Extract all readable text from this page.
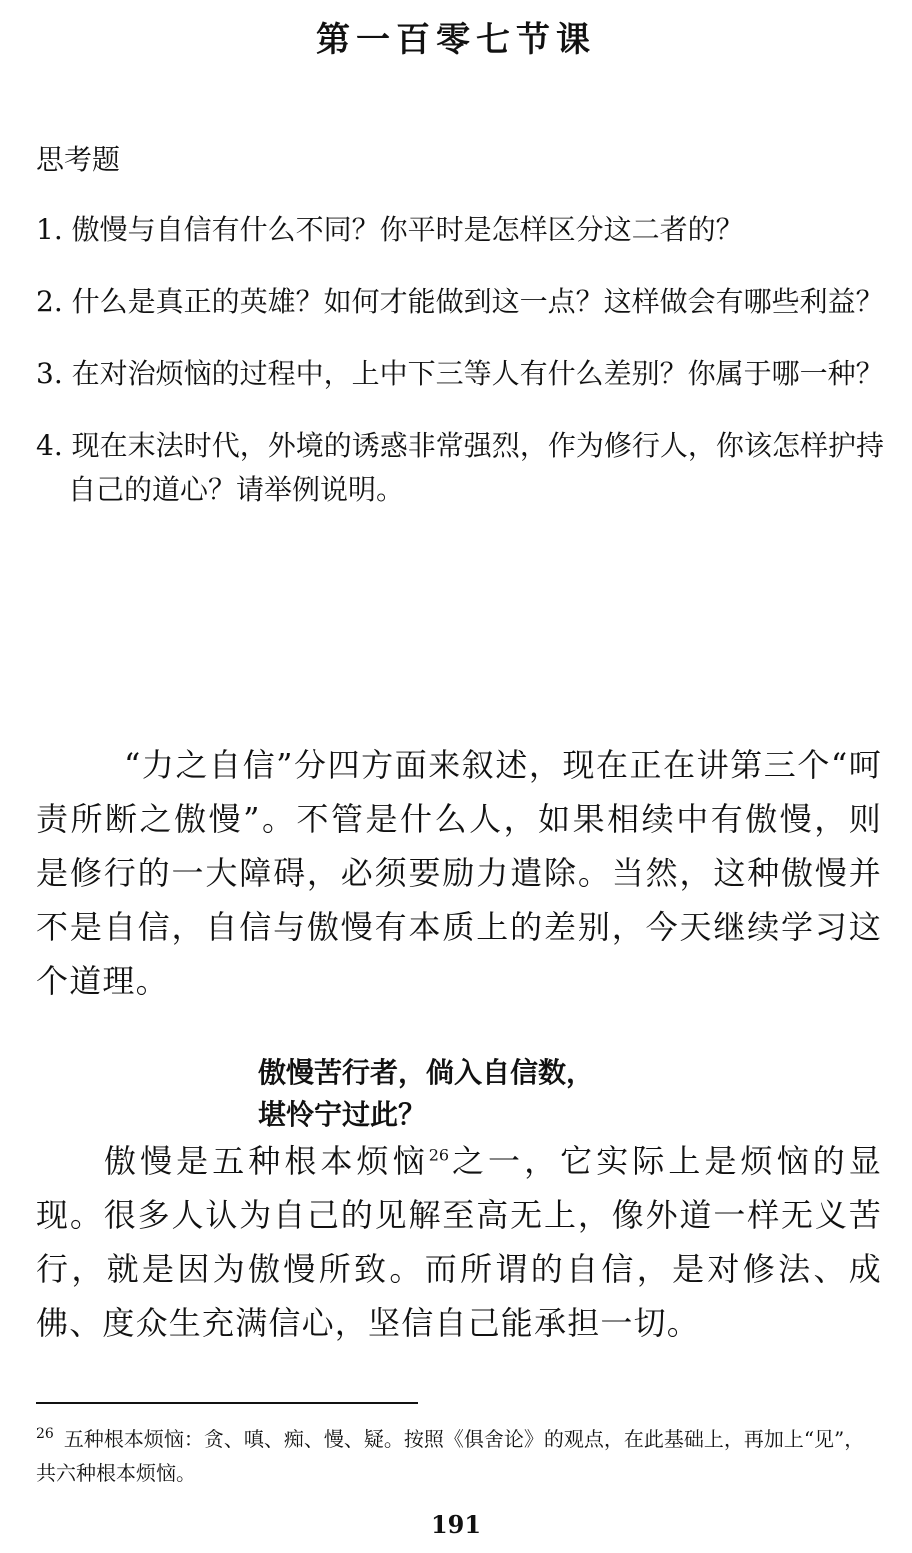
第一百零七节课
思考题
1. 傲慢与自信有什么不同？你平时是怎样区分这二者的？
2. 什么是真正的英雄？如何才能做到这一点？这样做会有哪些利益？
3. 在对治烦恼的过程中，上中下三等人有什么差别？你属于哪一种？
4. 现在末法时代，外境的诱惑非常强烈，作为修行人，你该怎样护持自己的道心？请举例说明。

“力之自信”分四方面来叙述，现在正在讲第三个“呵责所断之傲慢”。不管是什么人，如果相续中有傲慢，则是修行的一大障碍，必须要励力遣除。当然，这种傲慢并不是自信，自信与傲慢有本质上的差别，今天继续学习这个道理。

傲慢苦行者，倘入自信数，
堪怜宁过此？

傲慢是五种根本烦恼$^{26}$之一，它实际上是烦恼的显现。很多人认为自己的见解至高无上，像外道一样无义苦行，就是因为傲慢所致。而所谓的自信，是对修法、成佛、度众生充满信心，坚信自己能承担一切。

$^{26}$ 五种根本烦恼：贪、嗔、痴、慢、疑。按照《俱舍论》的观点，在此基础上，再加上“见”，共六种根本烦恼。

191
